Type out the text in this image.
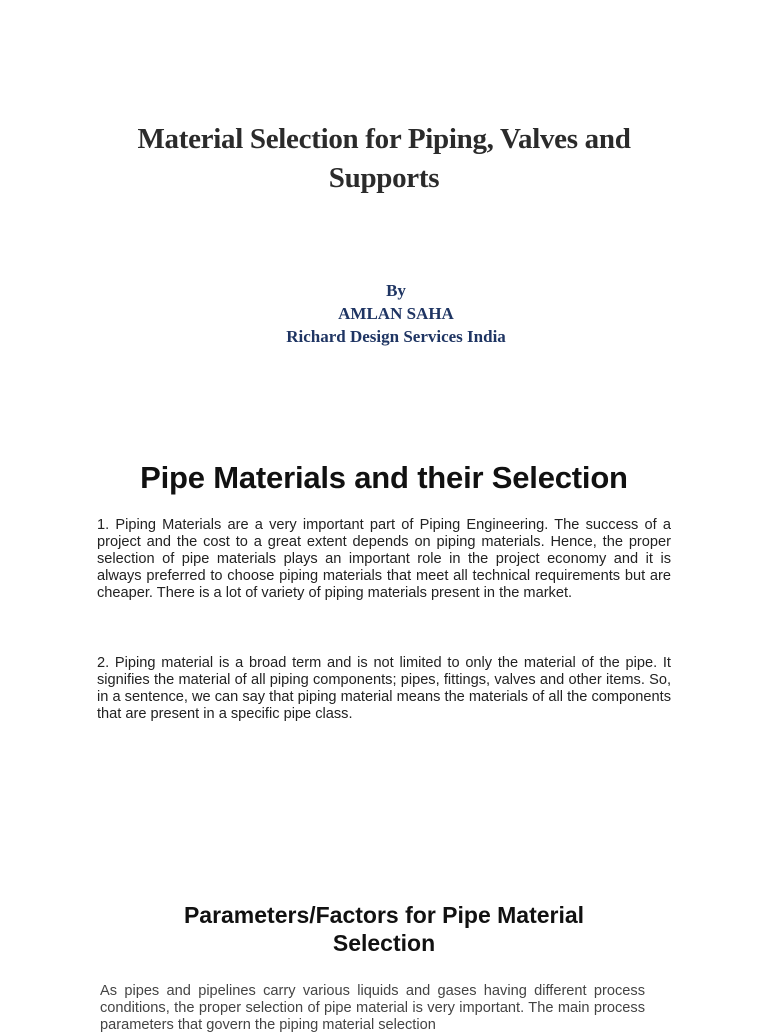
Material Selection for Piping, Valves and Supports
By
AMLAN SAHA
Richard Design Services India
Pipe Materials and their Selection

1. Piping Materials are a very important part of Piping Engineering. The success of a project and the cost to a great extent depends on piping materials. Hence, the proper selection of pipe materials plays an important role in the project economy and it is always preferred to choose piping materials that meet all technical requirements but are cheaper. There is a lot of variety of piping materials present in the market.

2. Piping material is a broad term and is not limited to only the material of the pipe. It signifies the material of all piping components; pipes, fittings, valves and other items. So, in a sentence, we can say that piping material means the materials of all the components that are present in a specific pipe class.

Parameters/Factors for Pipe Material Selection

As pipes and pipelines carry various liquids and gases having different process conditions, the proper selection of pipe material is very important. The main process parameters that govern the piping material selection
